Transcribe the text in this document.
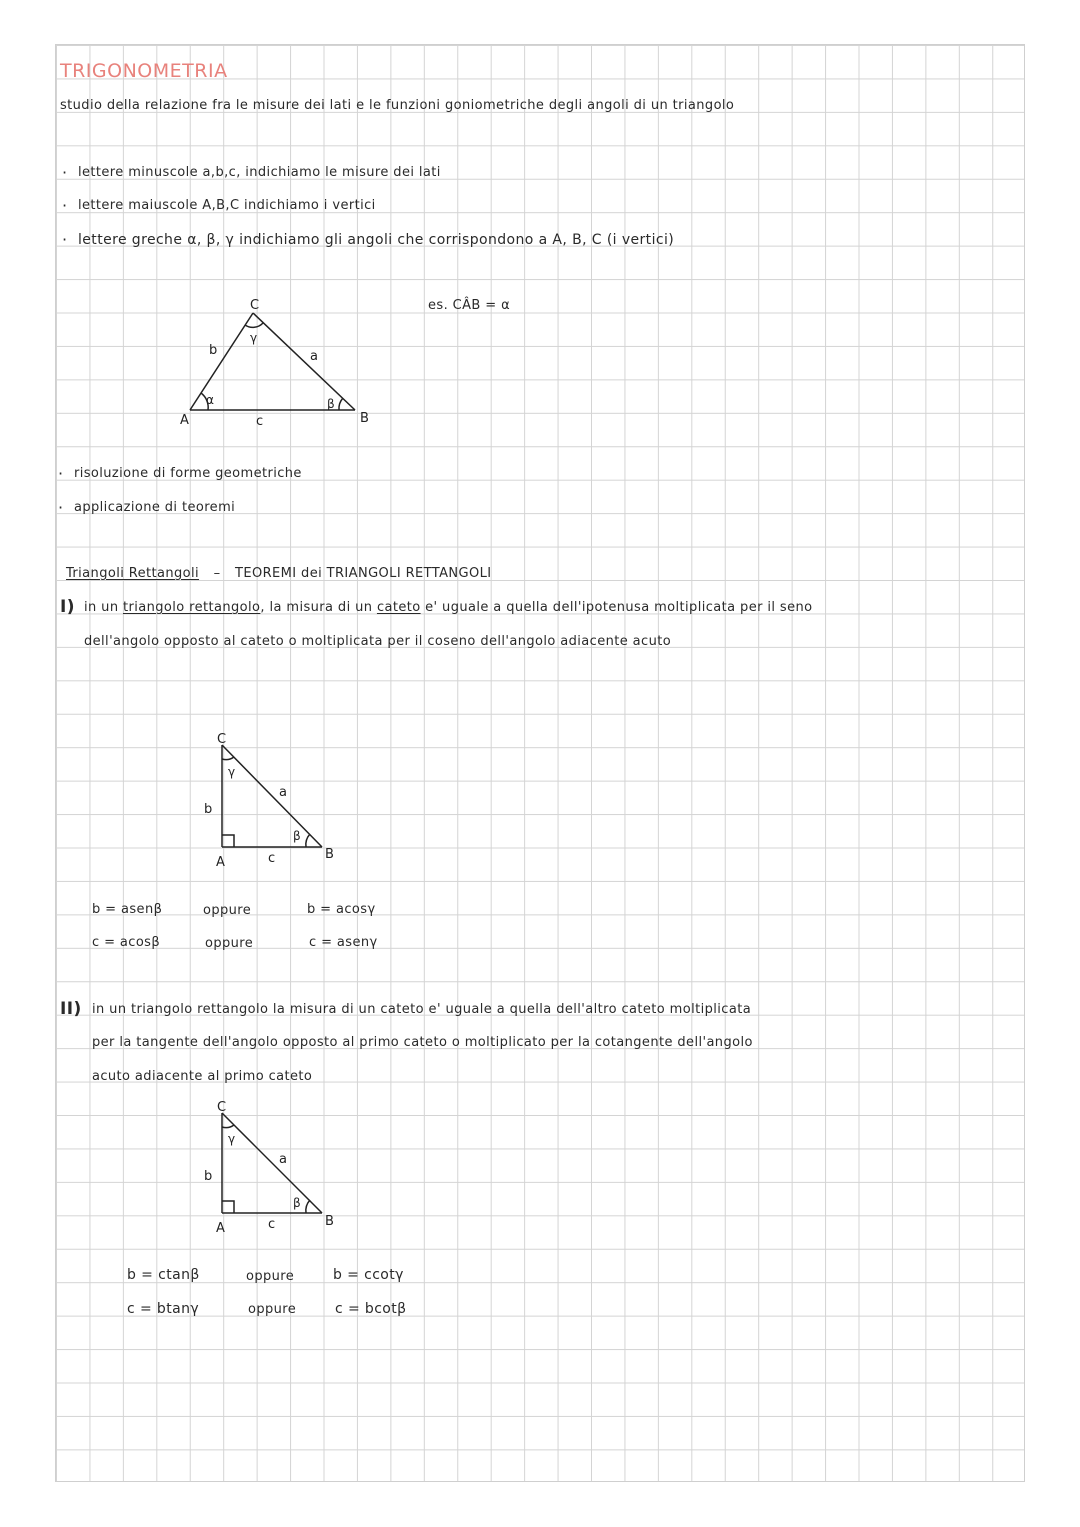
TRIGONOMETRIA
studio della relazione fra le misure dei lati e le funzioni goniometriche degli angoli di un triangolo
· lettere minuscole a,b,c, indichiamo le misure dei lati
· lettere maiuscole A,B,C indichiamo i vertici
· lettere greche α, β, γ indichiamo gli angoli che corrispondono a A, B, C (i vertici)
es. CÂB = α
A	B
C
a
b
c
α	β
γ
· risoluzione di forme geometriche
· applicazione di teoremi
Triangoli Rettangoli – TEOREMI dei TRIANGOLI RETTANGOLI
I) in un triangolo rettangolo, la misura di un cateto e' uguale a quella dell'ipotenusa moltiplicata per il seno
dell'angolo opposto al cateto o moltiplicata per il coseno dell'angolo adiacente acuto
A
B
C
a
b
c
β
γ
b = asenβ	oppure	b = acosγ
c = acosβ	oppure	c = asenγ
II) in un triangolo rettangolo la misura di un cateto e' uguale a quella dell'altro cateto moltiplicata
per la tangente dell'angolo opposto al primo cateto o moltiplicato per la cotangente dell'angolo
acuto adiacente al primo cateto
A	B
C
a
b
c
β
γ
b = ctanβ	oppure	b = ccotγ
c = btanγ	oppure	c = bcotβ
